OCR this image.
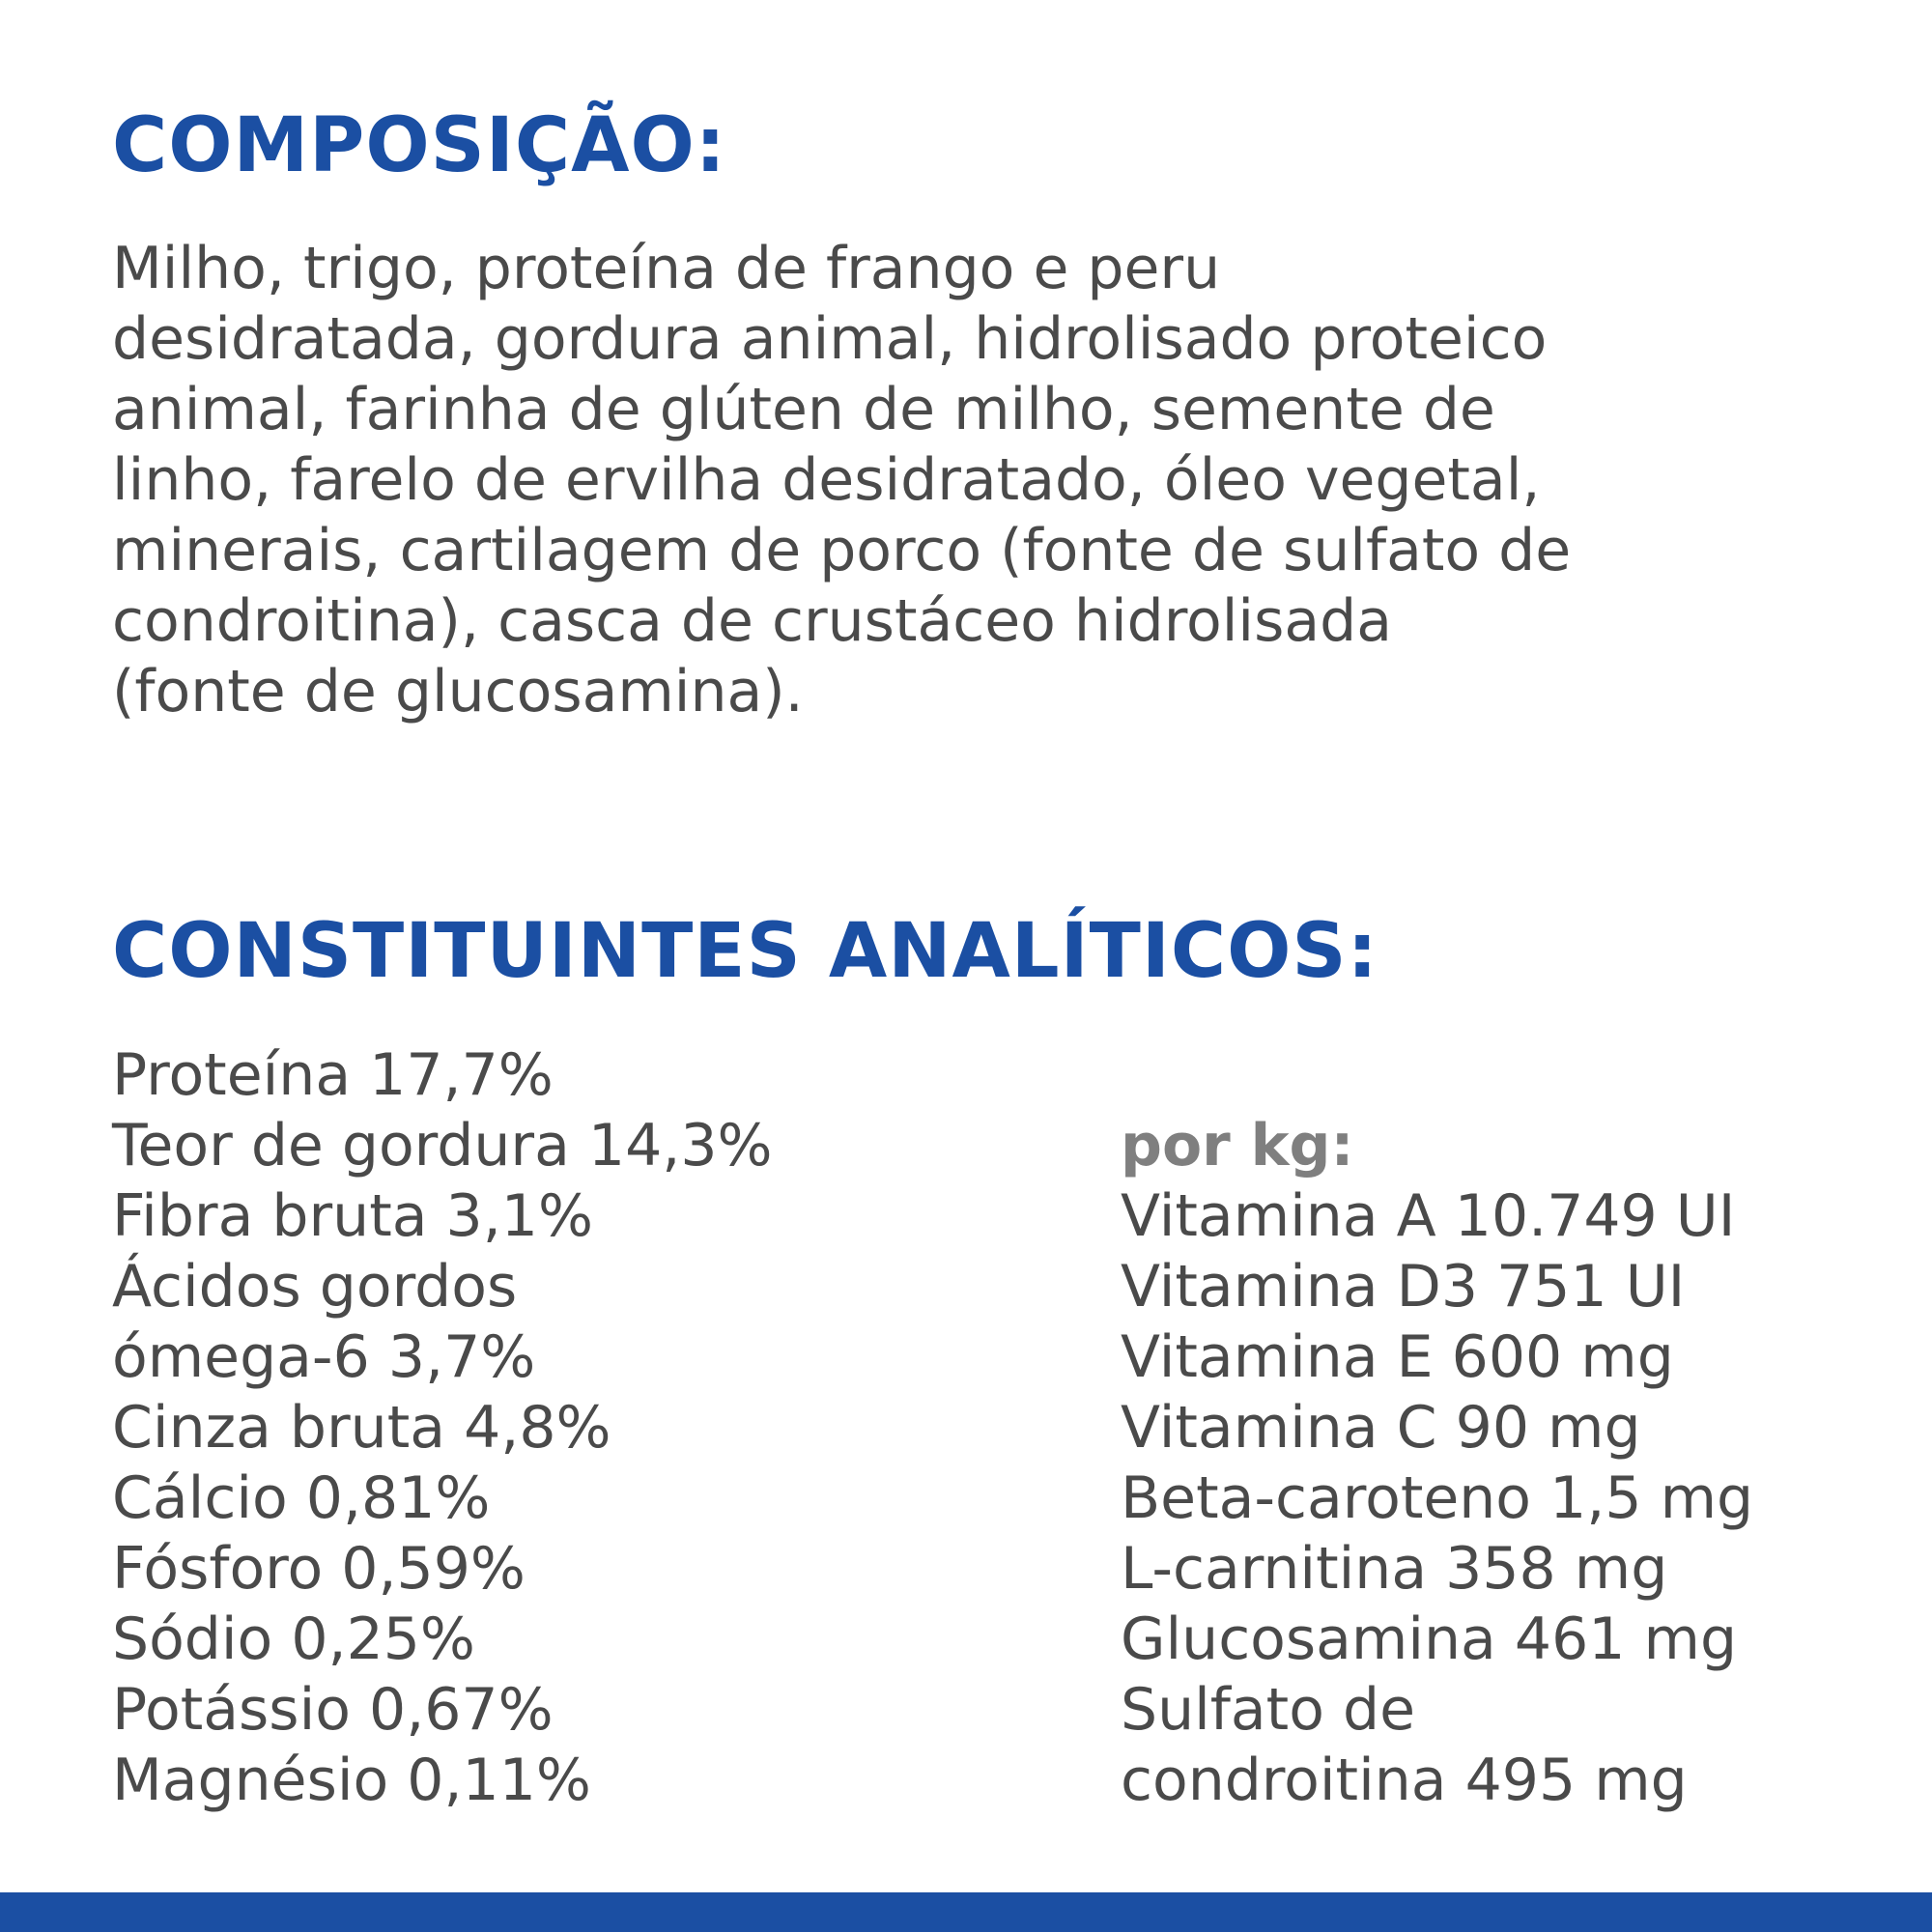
COMPOSIÇÃO:
Milho, trigo, proteína de frango e peru
desidratada, gordura animal, hidrolisado proteico
animal, farinha de glúten de milho, semente de
linho, farelo de ervilha desidratado, óleo vegetal,
minerais, cartilagem de porco (fonte de sulfato de
condroitina), casca de crustáceo hidrolisada
(fonte de glucosamina).
CONSTITUINTES ANALÍTICOS:
Proteína 17,7%
Teor de gordura 14,3%
Fibra bruta 3,1%
Ácidos gordos
ómega-6 3,7%
Cinza bruta 4,8%
Cálcio 0,81%
Fósforo 0,59%
Sódio 0,25%
Potássio 0,67%
Magnésio 0,11%
por kg:
Vitamina A 10.749 UI
Vitamina D3 751 UI
Vitamina E 600 mg
Vitamina C 90 mg
Beta-caroteno 1,5 mg
L-carnitina 358 mg
Glucosamina 461 mg
Sulfato de
condroitina 495 mg
